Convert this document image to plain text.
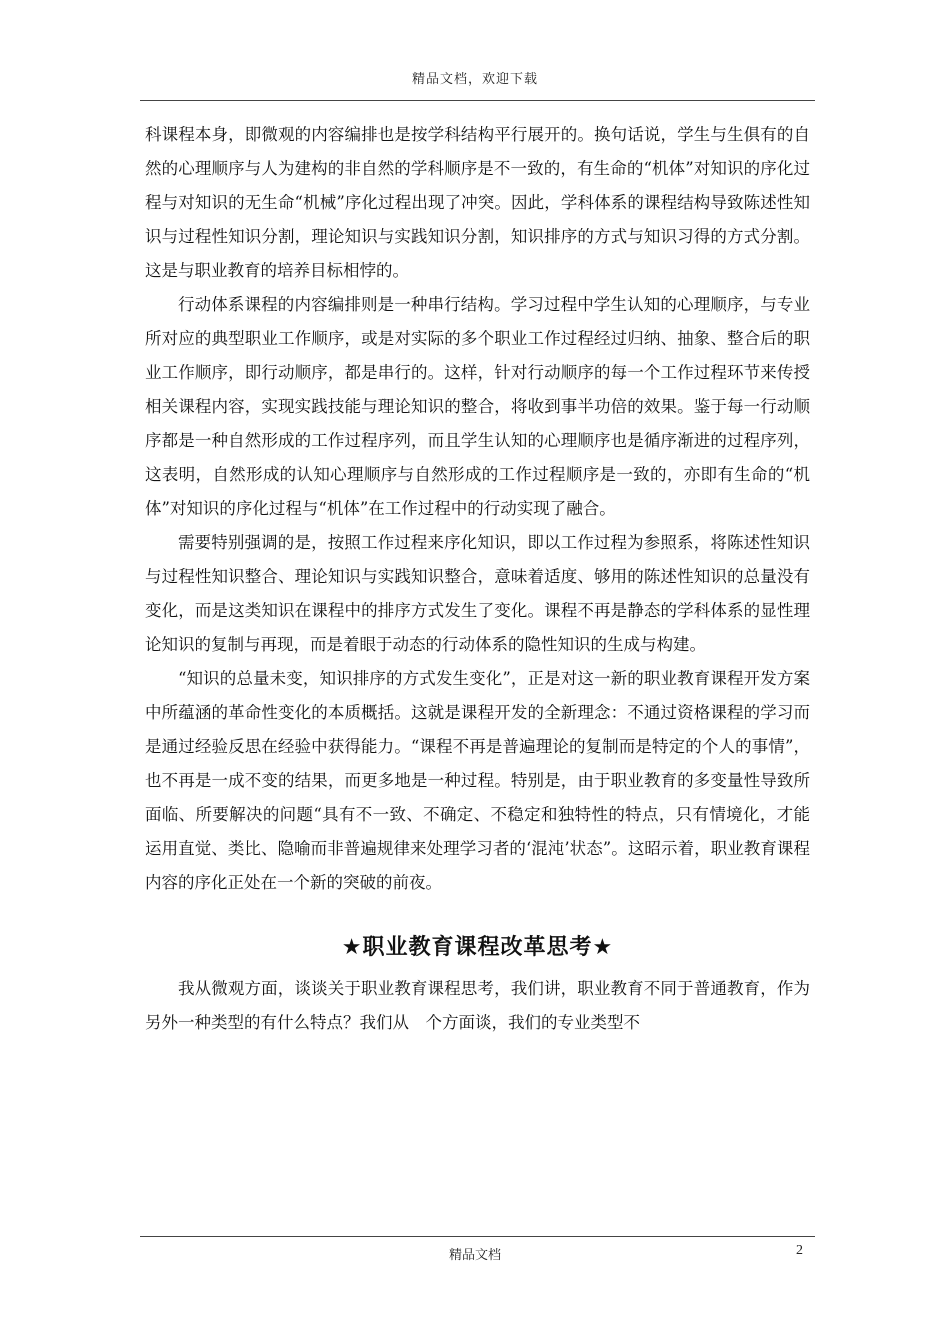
精品文档，欢迎下载

科课程本身，即微观的内容编排也是按学科结构平行展开的。换句话说，学生与生俱有的自然的心理顺序与人为建构的非自然的学科顺序是不一致的，有生命的“机体”对知识的序化过程与对知识的无生命“机械”序化过程出现了冲突。因此，学科体系的课程结构导致陈述性知识与过程性知识分割，理论知识与实践知识分割，知识排序的方式与知识习得的方式分割。这是与职业教育的培养目标相悖的。

行动体系课程的内容编排则是一种串行结构。学习过程中学生认知的心理顺序，与专业所对应的典型职业工作顺序，或是对实际的多个职业工作过程经过归纳、抽象、整合后的职业工作顺序，即行动顺序，都是串行的。这样，针对行动顺序的每一个工作过程环节来传授相关课程内容，实现实践技能与理论知识的整合，将收到事半功倍的效果。鉴于每一行动顺序都是一种自然形成的工作过程序列，而且学生认知的心理顺序也是循序渐进的过程序列，这表明，自然形成的认知心理顺序与自然形成的工作过程顺序是一致的，亦即有生命的“机体”对知识的序化过程与“机体”在工作过程中的行动实现了融合。

需要特别强调的是，按照工作过程来序化知识，即以工作过程为参照系，将陈述性知识与过程性知识整合、理论知识与实践知识整合，意味着适度、够用的陈述性知识的总量没有变化，而是这类知识在课程中的排序方式发生了变化。课程不再是静态的学科体系的显性理论知识的复制与再现，而是着眼于动态的行动体系的隐性知识的生成与构建。

“知识的总量未变，知识排序的方式发生变化”，正是对这一新的职业教育课程开发方案中所蕴涵的革命性变化的本质概括。这就是课程开发的全新理念：不通过资格课程的学习而是通过经验反思在经验中获得能力。“课程不再是普遍理论的复制而是特定的个人的事情”，也不再是一成不变的结果，而更多地是一种过程。特别是，由于职业教育的多变量性导致所面临、所要解决的问题“具有不一致、不确定、不稳定和独特性的特点，只有情境化，才能运用直觉、类比、隐喻而非普遍规律来处理学习者的‘混沌’状态”。这昭示着，职业教育课程内容的序化正处在一个新的突破的前夜。

★职业教育课程改革思考★

我从微观方面，谈谈关于职业教育课程思考，我们讲，职业教育不同于普通教育，作为另外一种类型的有什么特点？我们从　个方面谈，我们的专业类型不

精品文档	2
